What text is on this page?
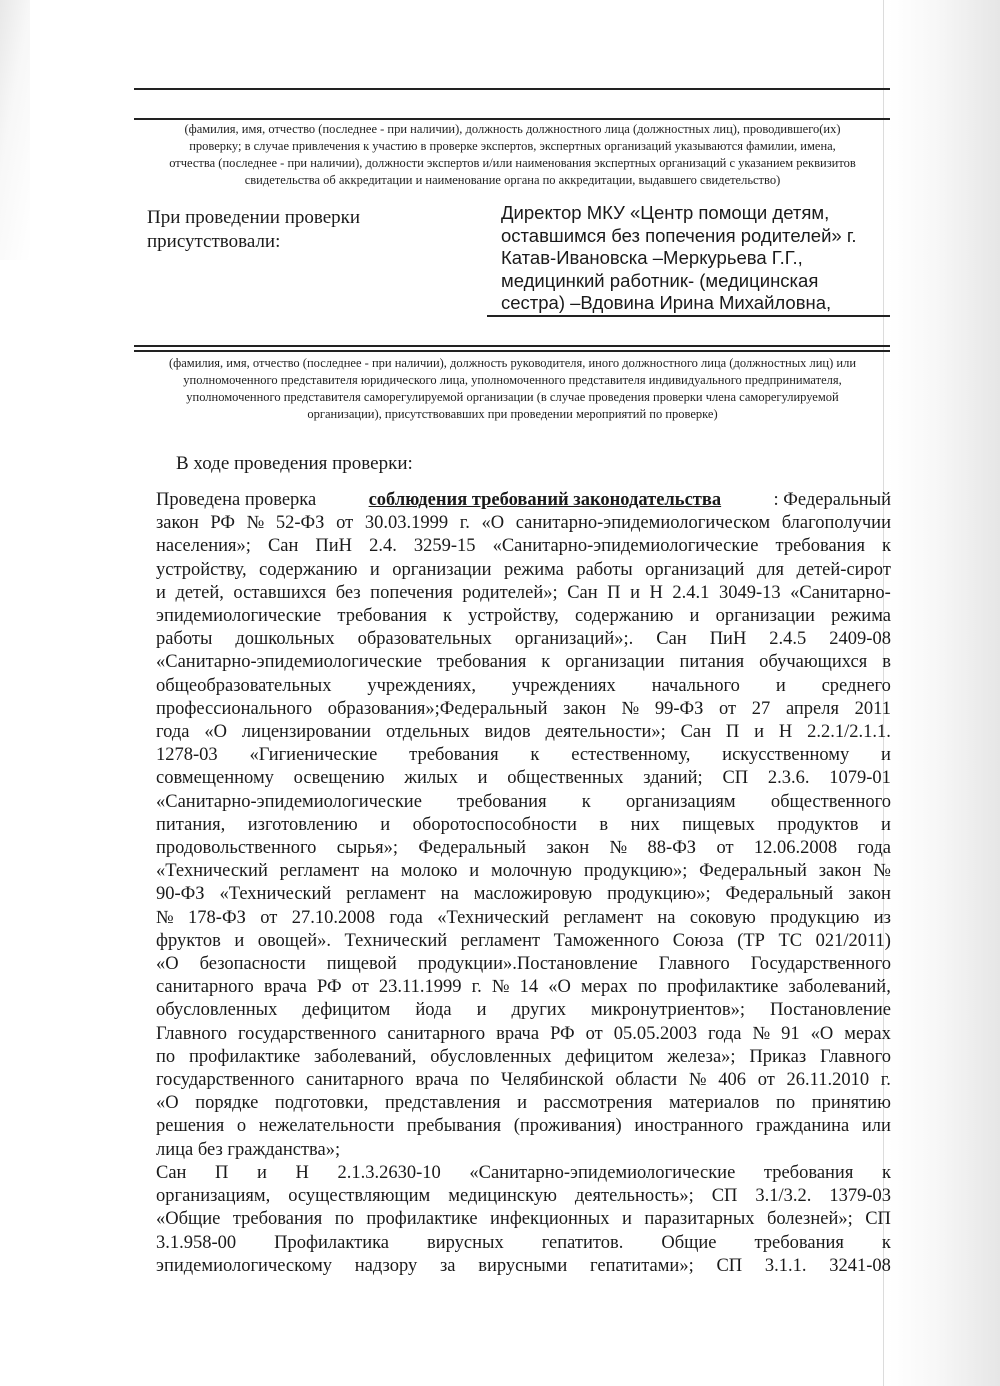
(фамилия, имя, отчество (последнее - при наличии), должность должностного лица (должностных лиц), проводившего(их)

проверку; в случае привлечения к участию в проверке экспертов, экспертных организаций указываются фамилии, имена,

отчества (последнее - при наличии), должности экспертов и/или наименования экспертных организаций с указанием реквизитов

свидетельства об аккредитации и наименование органа по аккредитации, выдавшего свидетельство)

При проведении проверки
присутствовали:

Директор МКУ «Центр помощи детям,

оставшимся без попечения родителей» г.

Катав-Ивановска –Меркурьева Г.Г.,

медицинкий работник- (медицинская

сестра) –Вдовина Ирина Михайловна,

(фамилия, имя, отчество (последнее - при наличии), должность руководителя, иного должностного лица (должностных лиц) или

уполномоченного представителя юридического лица, уполномоченного представителя индивидуального предпринимателя,

уполномоченного представителя саморегулируемой организации (в случае проведения проверки члена саморегулируемой

организации), присутствовавших при проведении мероприятий по проверке)

В ходе проведения проверки:
Проведена проверка	соблюдения требований законодательства	: Федеральный
закон РФ № 52-ФЗ от 30.03.1999 г. «О санитарно-эпидемиологическом благополучии
населения»; Сан ПиН 2.4. 3259-15 «Санитарно-эпидемиологические требования к
устройству, содержанию и организации режима работы организаций для детей-сирот
и детей, оставшихся без попечения родителей»; Сан П и Н 2.4.1 3049-13 «Санитарно-
эпидемиологические требования к устройству, содержанию и организации режима
работы дошкольных образовательных организаций»;. Сан ПиН 2.4.5 2409-08
«Санитарно-эпидемиологические требования к организации питания обучающихся в
общеобразовательных учреждениях, учреждениях начального и среднего
профессионального образования»;Федеральный закон № 99-ФЗ от 27 апреля 2011
года «О лицензировании отдельных видов деятельности»; Сан П и Н 2.2.1/2.1.1.
1278-03 «Гигиенические требования к естественному, искусственному и
совмещенному освещению жилых и общественных зданий; СП 2.3.6. 1079-01
«Санитарно-эпидемиологические требования к организациям общественного
питания, изготовлению и оборотоспособности в них пищевых продуктов и
продовольственного сырья»; Федеральный закон № 88-ФЗ от 12.06.2008 года
«Технический регламент на молоко и молочную продукцию»; Федеральный закон №
90-ФЗ «Технический регламент на масложировую продукцию»; Федеральный закон
№ 178-ФЗ от 27.10.2008 года «Технический регламент на соковую продукцию из
фруктов и овощей». Технический регламент Таможенного Союза (ТР ТС 021/2011)
«О безопасности пищевой продукции».Постановление Главного Государственного
санитарного врача РФ от 23.11.1999 г. № 14 «О мерах по профилактике заболеваний,
обусловленных дефицитом йода и других микронутриентов»; Постановление
Главного государственного санитарного врача РФ от 05.05.2003 года № 91 «О мерах
по профилактике заболеваний, обусловленных дефицитом железа»; Приказ Главного
государственного санитарного врача по Челябинской области № 406 от 26.11.2010 г.
«О порядке подготовки, представления и рассмотрения материалов по принятию
решения о нежелательности пребывания (проживания) иностранного гражданина или
лица без гражданства»;
Сан П и Н 2.1.3.2630-10 «Санитарно-эпидемиологические требования к
организациям, осуществляющим медицинскую деятельность»; СП 3.1/3.2. 1379-03
«Общие требования по профилактике инфекционных и паразитарных болезней»; СП
3.1.958-00 Профилактика вирусных гепатитов. Общие требования к
эпидемиологическому надзору за вирусными гепатитами»; СП 3.1.1. 3241-08
